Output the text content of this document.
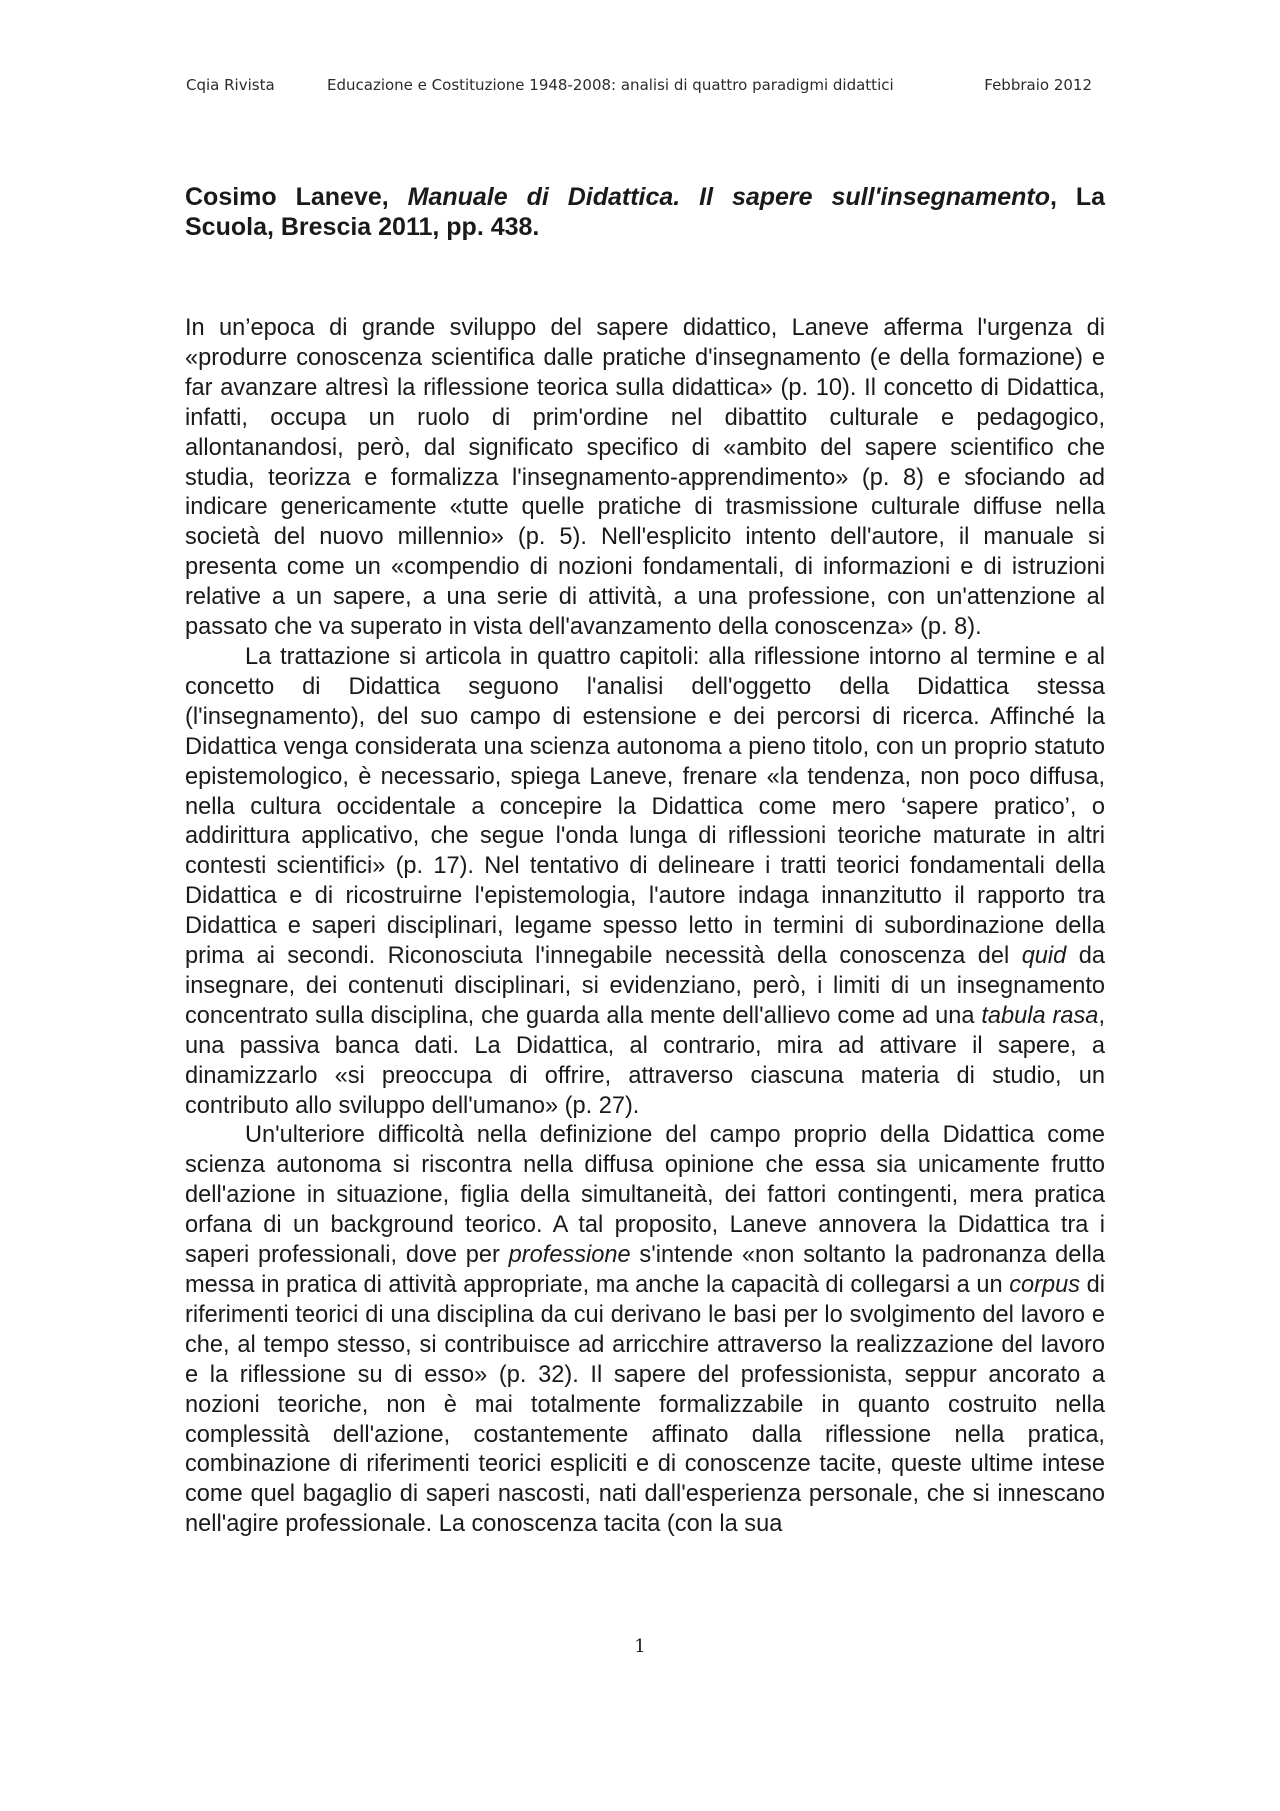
Cqia Rivista	Educazione e Costituzione 1948-2008: analisi di quattro paradigmi didattici	Febbraio 2012
Cosimo Laneve, Manuale di Didattica. Il sapere sull'insegnamento, La Scuola, Brescia 2011, pp. 438.

In un’epoca di grande sviluppo del sapere didattico, Laneve afferma l'urgenza di «produrre conoscenza scientifica dalle pratiche d'insegnamento (e della formazione) e far avanzare altresì la riflessione teorica sulla didattica» (p. 10). Il concetto di Didattica, infatti, occupa un ruolo di prim'ordine nel dibattito culturale e pedagogico, allontanandosi, però, dal significato specifico di «ambito del sapere scientifico che studia, teorizza e formalizza l'insegnamento-apprendimento» (p. 8) e sfociando ad indicare genericamente «tutte quelle pratiche di trasmissione culturale diffuse nella società del nuovo millennio» (p. 5). Nell'esplicito intento dell'autore, il manuale si presenta come un «compendio di nozioni fondamentali, di informazioni e di istruzioni relative a un sapere, a una serie di attività, a una professione, con un'attenzione al passato che va superato in vista dell'avanzamento della conoscenza» (p. 8).

La trattazione si articola in quattro capitoli: alla riflessione intorno al termine e al concetto di Didattica seguono l'analisi dell'oggetto della Didattica stessa (l'insegnamento), del suo campo di estensione e dei percorsi di ricerca. Affinché la Didattica venga considerata una scienza autonoma a pieno titolo, con un proprio statuto epistemologico, è necessario, spiega Laneve, frenare «la tendenza, non poco diffusa, nella cultura occidentale a concepire la Didattica come mero ‘sapere pratico’, o addirittura applicativo, che segue l'onda lunga di riflessioni teoriche maturate in altri contesti scientifici» (p. 17). Nel tentativo di delineare i tratti teorici fondamentali della Didattica e di ricostruirne l'epistemologia, l'autore indaga innanzitutto il rapporto tra Didattica e saperi disciplinari, legame spesso letto in termini di subordinazione della prima ai secondi. Riconosciuta l'innegabile necessità della conoscenza del quid da insegnare, dei contenuti disciplinari, si evidenziano, però, i limiti di un insegnamento concentrato sulla disciplina, che guarda alla mente dell'allievo come ad una tabula rasa, una passiva banca dati. La Didattica, al contrario, mira ad attivare il sapere, a dinamizzarlo «si preoccupa di offrire, attraverso ciascuna materia di studio, un contributo allo sviluppo dell'umano» (p. 27).

Un'ulteriore difficoltà nella definizione del campo proprio della Didattica come scienza autonoma si riscontra nella diffusa opinione che essa sia unicamente frutto dell'azione in situazione, figlia della simultaneità, dei fattori contingenti, mera pratica orfana di un background teorico. A tal proposito, Laneve annovera la Didattica tra i saperi professionali, dove per professione s'intende «non soltanto la padronanza della messa in pratica di attività appropriate, ma anche la capacità di collegarsi a un corpus di riferimenti teorici di una disciplina da cui derivano le basi per lo svolgimento del lavoro e che, al tempo stesso, si contribuisce ad arricchire attraverso la realizzazione del lavoro e la riflessione su di esso» (p. 32). Il sapere del professionista, seppur ancorato a nozioni teoriche, non è mai totalmente formalizzabile in quanto costruito nella complessità dell'azione, costantemente affinato dalla riflessione nella pratica, combinazione di riferimenti teorici espliciti e di conoscenze tacite, queste ultime intese come quel bagaglio di saperi nascosti, nati dall'esperienza personale, che si innescano nell'agire professionale. La conoscenza tacita (con la sua

1
